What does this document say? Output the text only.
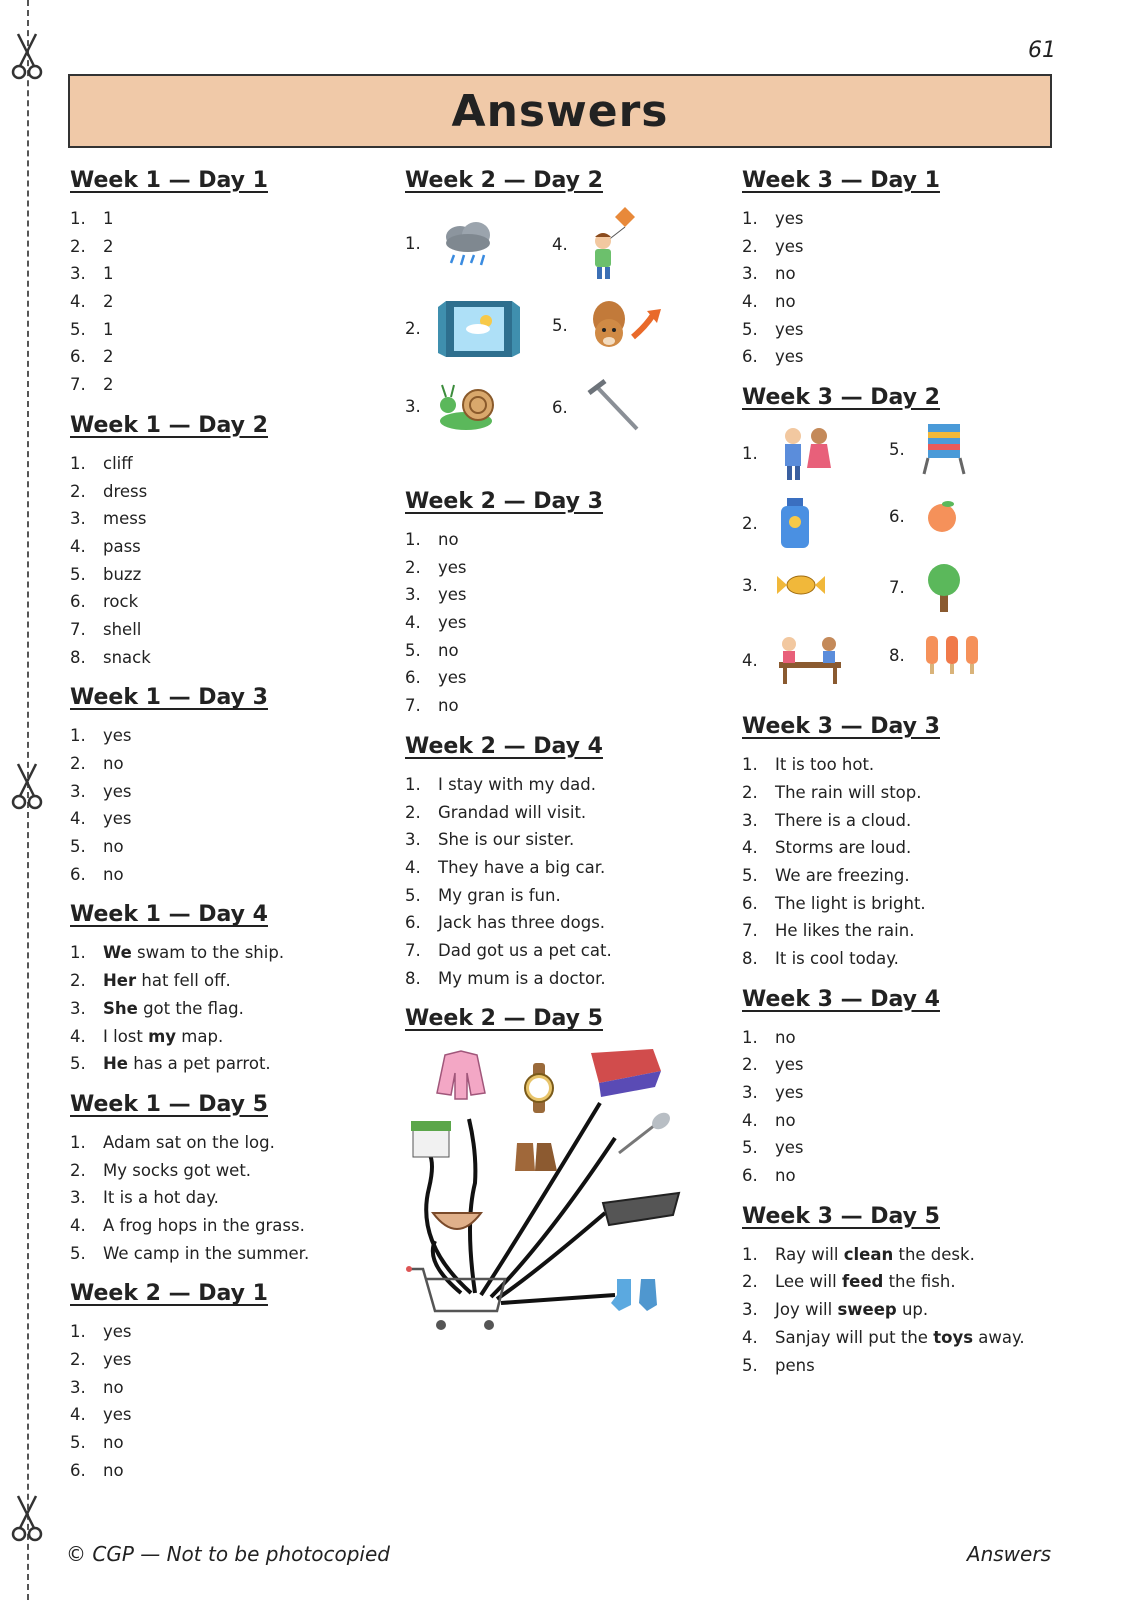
61
Answers
Week 1 — Day 1
1. 1
2. 2
3. 1
4. 2
5. 1
6. 2
7. 2
Week 1 — Day 2
1. cliff
2. dress
3. mess
4. pass
5. buzz
6. rock
7. shell
8. snack
Week 1 — Day 3
1. yes
2. no
3. yes
4. yes
5. no
6. no
Week 1 — Day 4
1. We swam to the ship.
2. Her hat fell off.
3. She got the flag.
4. I lost my map.
5. He has a pet parrot.
Week 1 — Day 5
1. Adam sat on the log.
2. My socks got wet.
3. It is a hot day.
4. A frog hops in the grass.
5. We camp in the summer.
Week 2 — Day 1
1. yes
2. yes
3. no
4. yes
5. no
6. no
Week 2 — Day 2
1.
2.
3.
4.
5.
6.
Week 2 — Day 3
1. no
2. yes
3. yes
4. yes
5. no
6. yes
7. no
Week 2 — Day 4
1. I stay with my dad.
2. Grandad will visit.
3. She is our sister.
4. They have a big car.
5. My gran is fun.
6. Jack has three dogs.
7. Dad got us a pet cat.
8. My mum is a doctor.
Week 2 — Day 5
Week 3 — Day 1
1. yes
2. yes
3. no
4. no
5. yes
6. yes
Week 3 — Day 2
1.
2.
3.
4.
5.
6.
7.
8.
Week 3 — Day 3
1. It is too hot.
2. The rain will stop.
3. There is a cloud.
4. Storms are loud.
5. We are freezing.
6. The light is bright.
7. He likes the rain.
8. It is cool today.
Week 3 — Day 4
1. no
2. yes
3. yes
4. no
5. yes
6. no
Week 3 — Day 5
1. Ray will clean the desk.
2. Lee will feed the fish.
3. Joy will sweep up.
4. Sanjay will put the toys away.
5. pens
© CGP — Not to be photocopied	Answers
